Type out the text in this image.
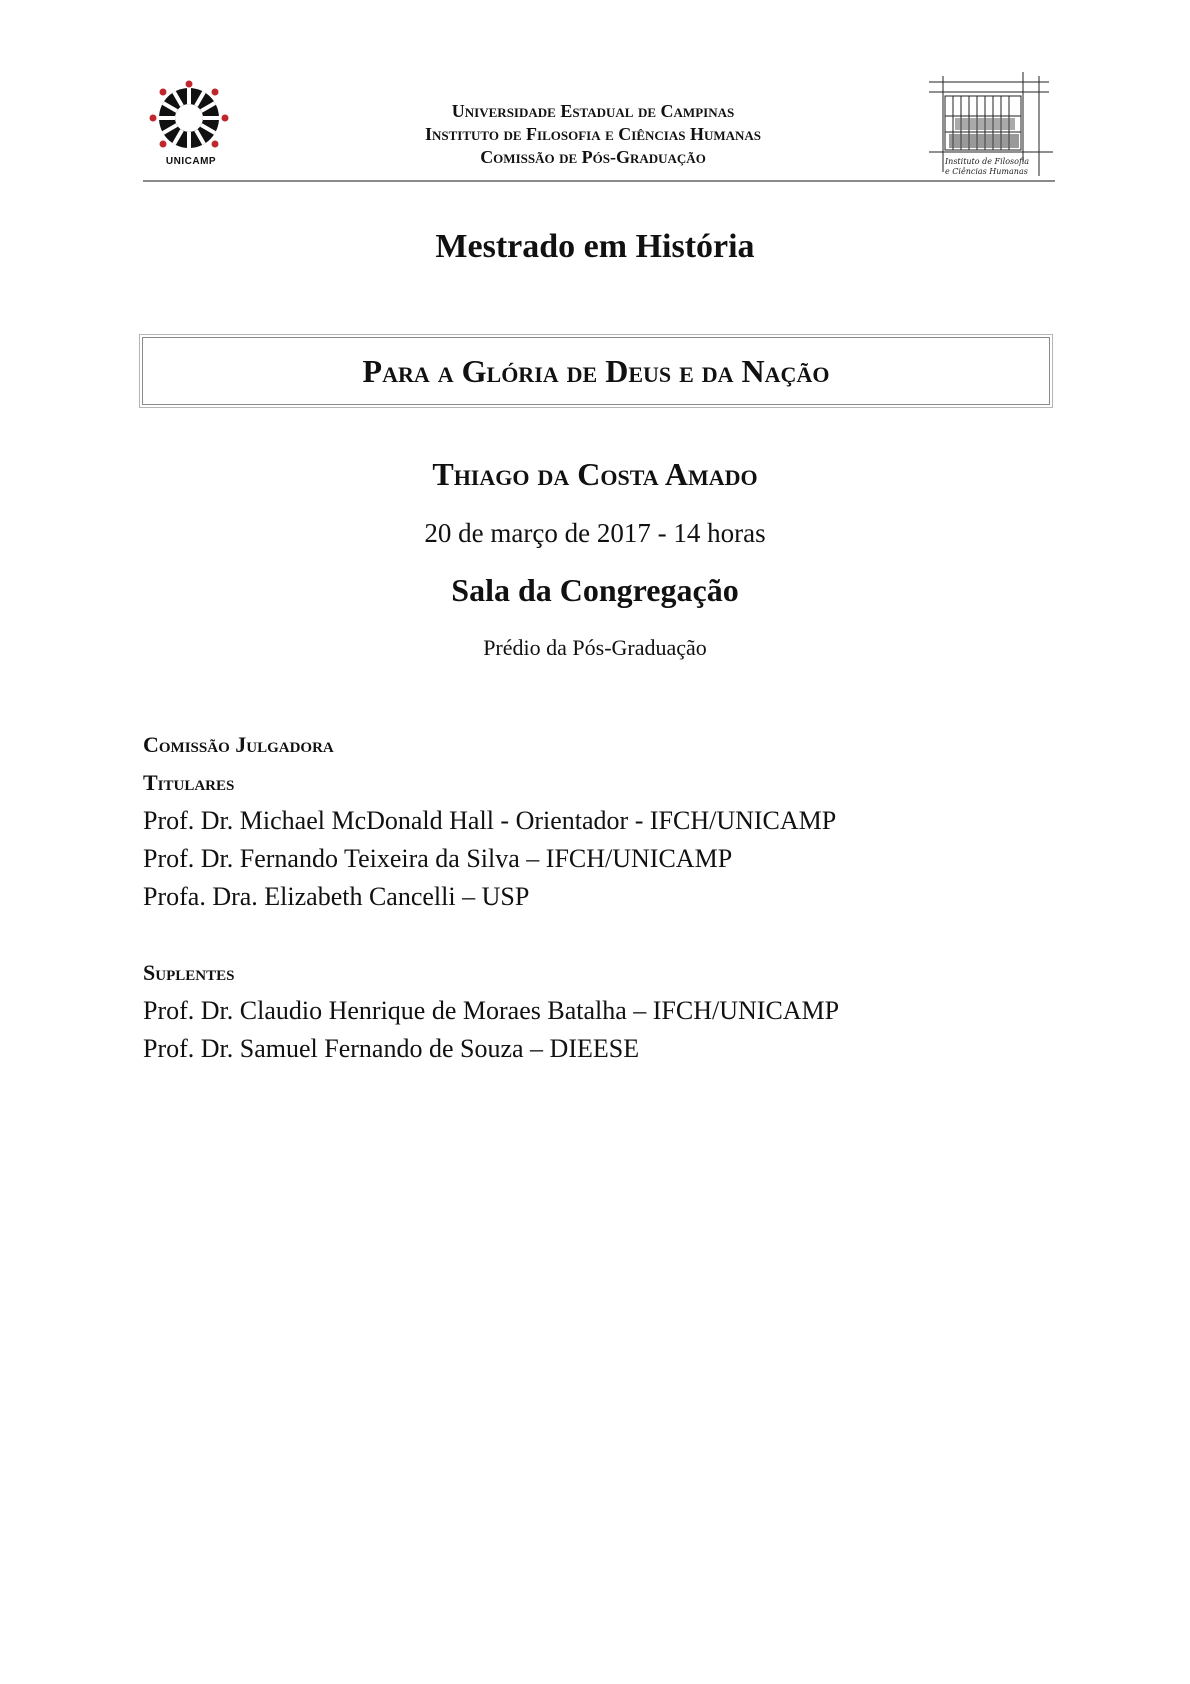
UNICAMP
Universidade Estadual de Campinas
Instituto de Filosofia e Ciências Humanas
Comissão de Pós-Graduação	Instituto de Filosofia
e Ciências Humanas
Mestrado em História
Para a Glória de Deus e da Nação
Thiago da Costa Amado
20 de março de 2017 - 14 horas
Sala da Congregação
Prédio da Pós-Graduação
Comissão Julgadora
Titulares
Prof. Dr. Michael McDonald Hall - Orientador - IFCH/UNICAMP
Prof. Dr. Fernando Teixeira da Silva – IFCH/UNICAMP
Profa. Dra. Elizabeth Cancelli – USP
Suplentes
Prof. Dr. Claudio Henrique de Moraes Batalha – IFCH/UNICAMP
Prof. Dr. Samuel Fernando de Souza – DIEESE
